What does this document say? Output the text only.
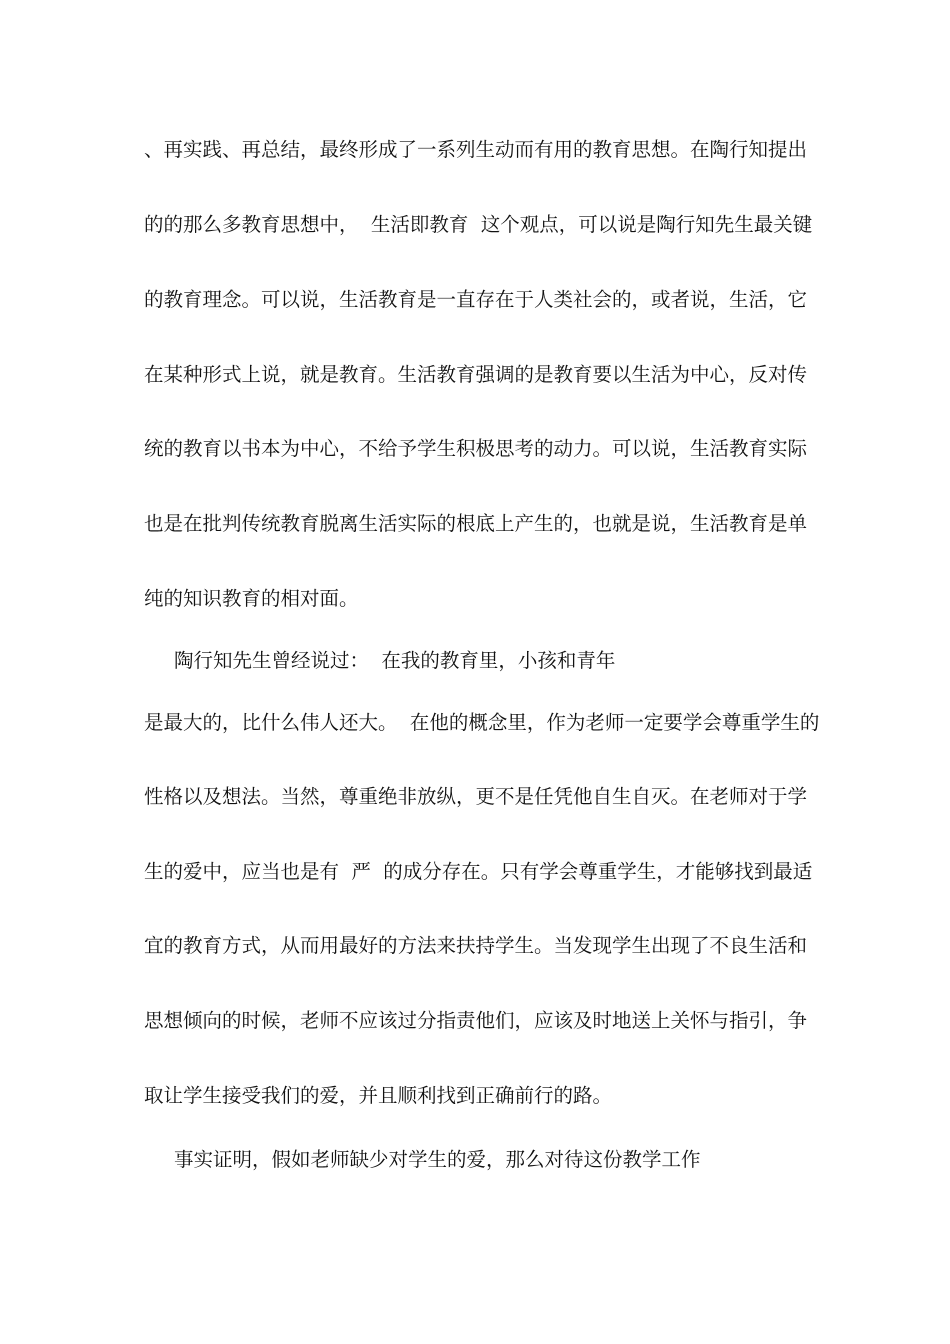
、再实践、再总结，最终形成了一系列生动而有用的教育思想。在陶行知提出
的的那么多教育思想中，  生活即教育  这个观点，可以说是陶行知先生最关键
的教育理念。可以说，生活教育是一直存在于人类社会的，或者说，生活，它
在某种形式上说，就是教育。生活教育强调的是教育要以生活为中心，反对传
统的教育以书本为中心，不给予学生积极思考的动力。可以说，生活教育实际
也是在批判传统教育脱离生活实际的根底上产生的，也就是说，生活教育是单
纯的知识教育的相对面。
陶行知先生曾经说过：  在我的教育里，小孩和青年
是最大的，比什么伟人还大。  在他的概念里，作为老师一定要学会尊重学生的
性格以及想法。当然，尊重绝非放纵，更不是任凭他自生自灭。在老师对于学
生的爱中，应当也是有  严  的成分存在。只有学会尊重学生，才能够找到最适
宜的教育方式，从而用最好的方法来扶持学生。当发现学生出现了不良生活和
思想倾向的时候，老师不应该过分指责他们，应该及时地送上关怀与指引，争
取让学生接受我们的爱，并且顺利找到正确前行的路。
事实证明，假如老师缺少对学生的爱，那么对待这份教学工作
